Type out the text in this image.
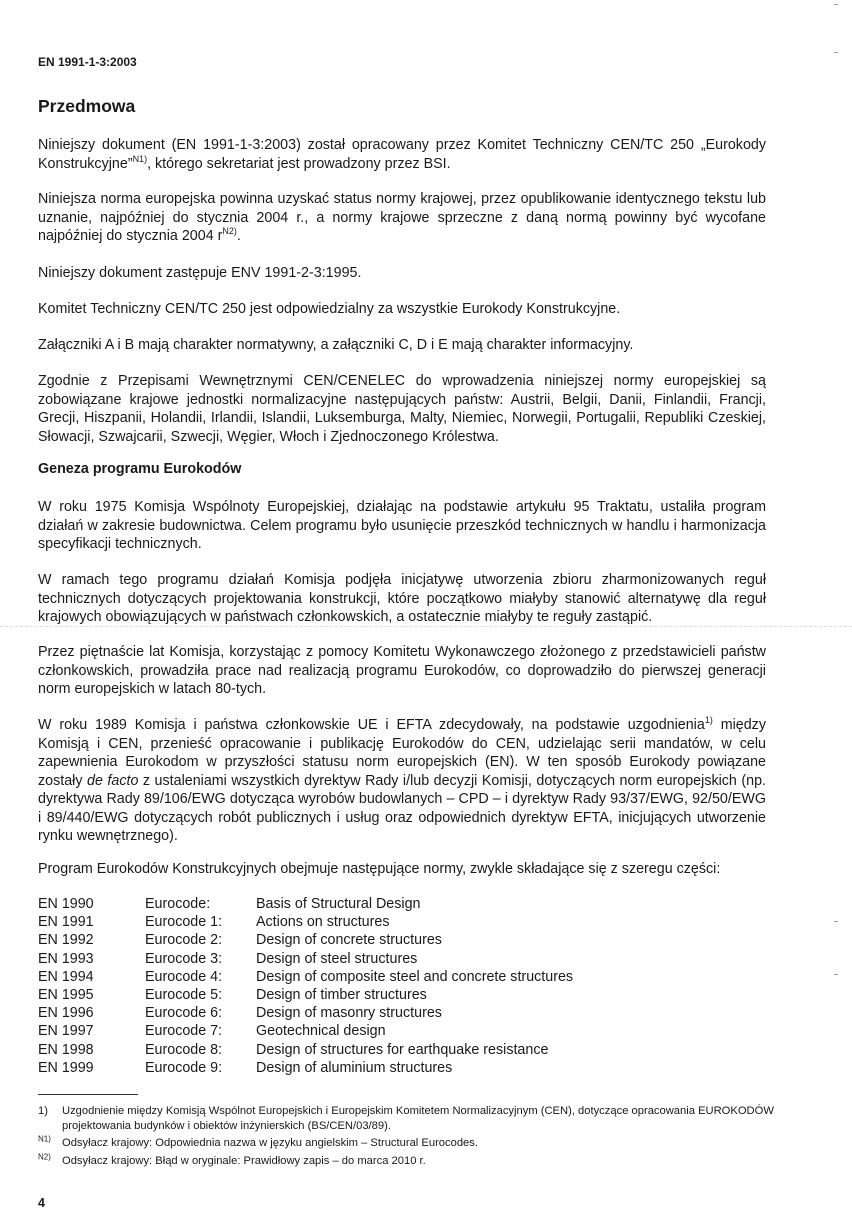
EN 1991-1-3:2003
Przedmowa

Niniejszy dokument (EN 1991-1-3:2003) został opracowany przez Komitet Techniczny CEN/TC 250 „Eurokody Konstrukcyjne”$^{N1)}$, którego sekretariat jest prowadzony przez BSI.

Niniejsza norma europejska powinna uzyskać status normy krajowej, przez opublikowanie identycznego tekstu lub uznanie, najpóźniej do stycznia 2004 r., a normy krajowe sprzeczne z daną normą powinny być wycofane najpóźniej do stycznia 2004 $r^{N2)}$.

Niniejszy dokument zastępuje ENV 1991-2-3:1995.

Komitet Techniczny CEN/TC 250 jest odpowiedzialny za wszystkie Eurokody Konstrukcyjne.

Załączniki A i B mają charakter normatywny, a załączniki C, D i E mają charakter informacyjny.

Zgodnie z Przepisami Wewnętrznymi CEN/CENELEC do wprowadzenia niniejszej normy europejskiej są zobowiązane krajowe jednostki normalizacyjne następujących państw: Austrii, Belgii, Danii, Finlandii, Francji, Grecji, Hiszpanii, Holandii, Irlandii, Islandii, Luksemburga, Malty, Niemiec, Norwegii, Portugalii, Republiki Czeskiej, Słowacji, Szwajcarii, Szwecji, Węgier, Włoch i Zjednoczonego Królestwa.

Geneza programu Eurokodów

W roku 1975 Komisja Wspólnoty Europejskiej, działając na podstawie artykułu 95 Traktatu, ustaliła program działań w zakresie budownictwa. Celem programu było usunięcie przeszkód technicznych w handlu i harmonizacja specyfikacji technicznych.

W ramach tego programu działań Komisja podjęła inicjatywę utworzenia zbioru zharmonizowanych reguł technicznych dotyczących projektowania konstrukcji, które początkowo miałyby stanowić alternatywę dla reguł krajowych obowiązujących w państwach członkowskich, a ostatecznie miałyby te reguły zastąpić.

Przez piętnaście lat Komisja, korzystając z pomocy Komitetu Wykonawczego złożonego z przedstawicieli państw członkowskich, prowadziła prace nad realizacją programu Eurokodów, co doprowadziło do pierwszej generacji norm europejskich w latach 80-tych.

W roku 1989 Komisja i państwa członkowskie UE i EFTA zdecydowały, na podstawie uzgodnienia$^{1)}$ między Komisją i CEN, przenieść opracowanie i publikację Eurokodów do CEN, udzielając serii mandatów, w celu zapewnienia Eurokodom w przyszłości statusu norm europejskich (EN). W ten sposób Eurokody powiązane zostały de facto z ustaleniami wszystkich dyrektyw Rady i/lub decyzji Komisji, dotyczących norm europejskich (np. dyrektywa Rady 89/106/EWG dotycząca wyrobów budowlanych – CPD – i dyrektyw Rady 93/37/EWG, 92/50/EWG i 89/440/EWG dotyczących robót publicznych i usług oraz odpowiednich dyrektyw EFTA, inicjujących utworzenie rynku wewnętrznego).

Program Eurokodów Konstrukcyjnych obejmuje następujące normy, zwykle składające się z szeregu części:

EN 1990	Eurocode:	Basis of Structural Design
EN 1991	Eurocode 1:	Actions on structures
EN 1992	Eurocode 2:	Design of concrete structures
EN 1993	Eurocode 3:	Design of steel structures
EN 1994	Eurocode 4:	Design of composite steel and concrete structures
EN 1995	Eurocode 5:	Design of timber structures
EN 1996	Eurocode 6:	Design of masonry structures
EN 1997	Eurocode 7:	Geotechnical design
EN 1998	Eurocode 8:	Design of structures for earthquake resistance
EN 1999	Eurocode 9:	Design of aluminium structures
1)	Uzgodnienie między Komisją Wspólnot Europejskich i Europejskim Komitetem Normalizacyjnym (CEN), dotyczące opracowania EUROKODÓW projektowania budynków i obiektów inżynierskich (BS/CEN/03/89).
$^{N1)}$ Odsyłacz krajowy: Odpowiednia nazwa w języku angielskim – Structural Eurocodes.
$^{N2)}$ Odsyłacz krajowy: Błąd w oryginale: Prawidłowy zapis – do marca 2010 r.
4
